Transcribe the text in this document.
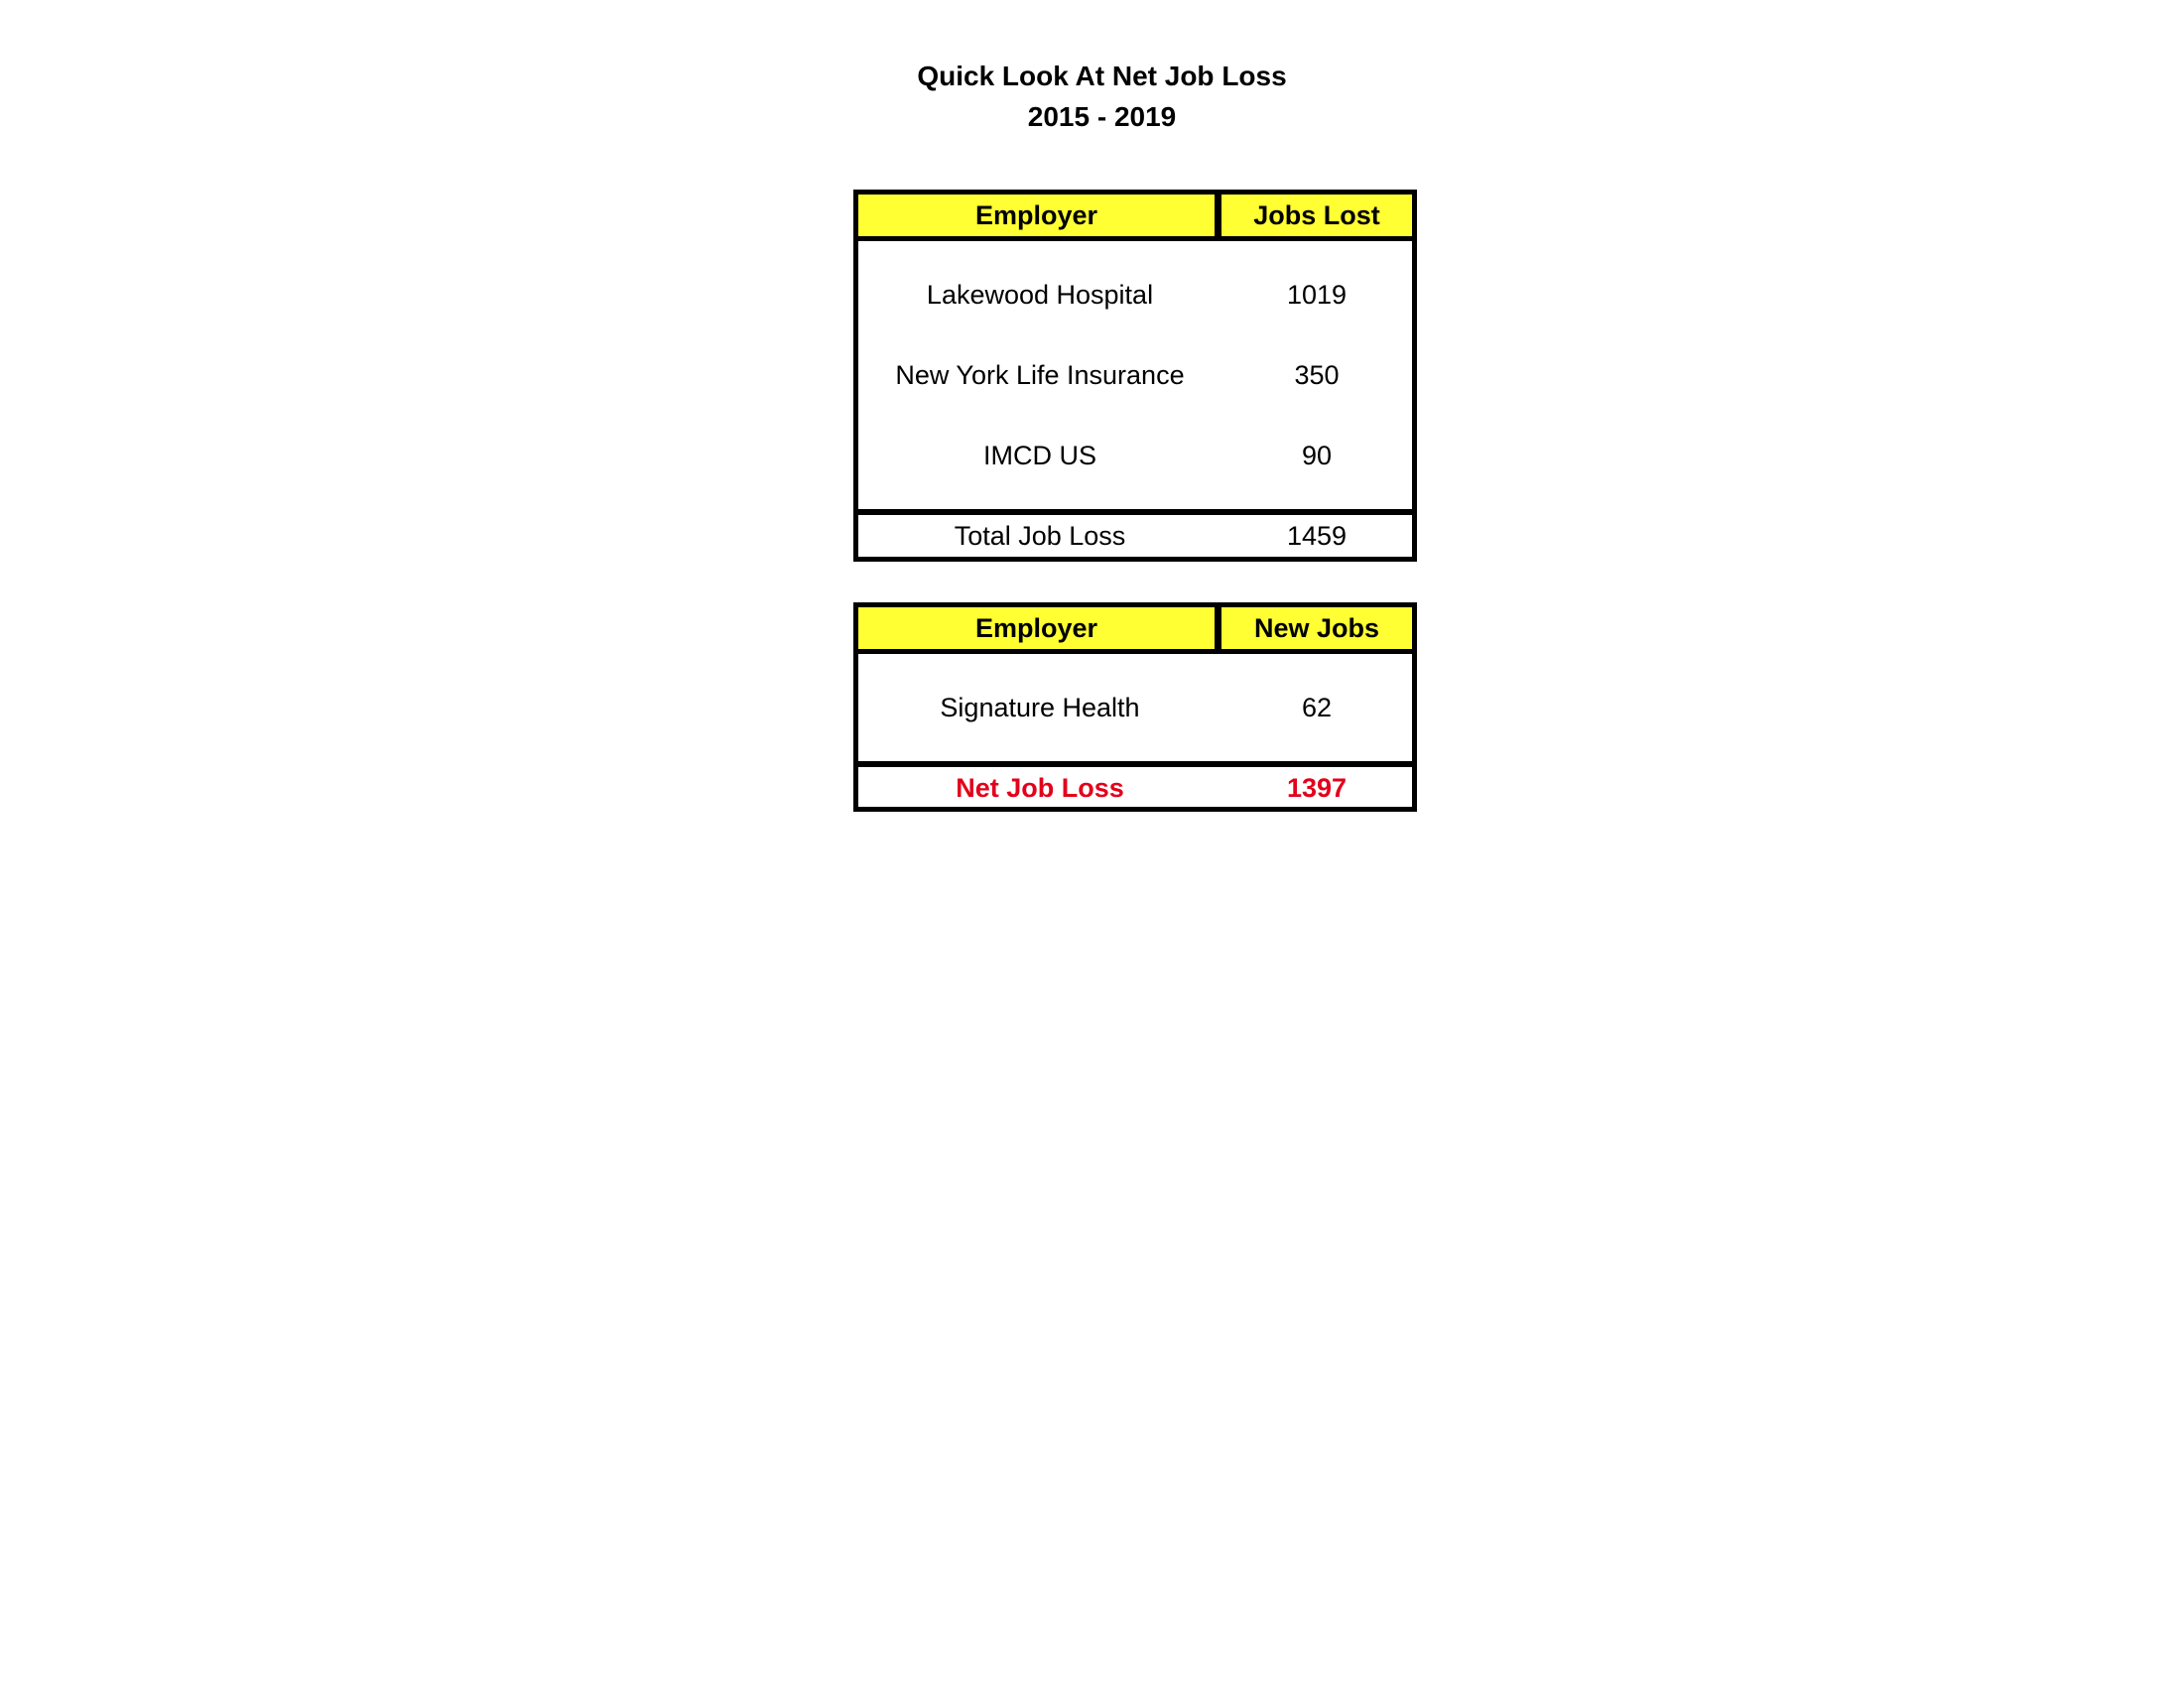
Quick Look At Net Job Loss
2015 - 2019
Employer	Jobs Lost
Lakewood Hospital	1019
New York Life Insurance	350
IMCD US	90
Total Job Loss	1459
Employer	New Jobs
Signature Health	62
Net Job Loss	1397
